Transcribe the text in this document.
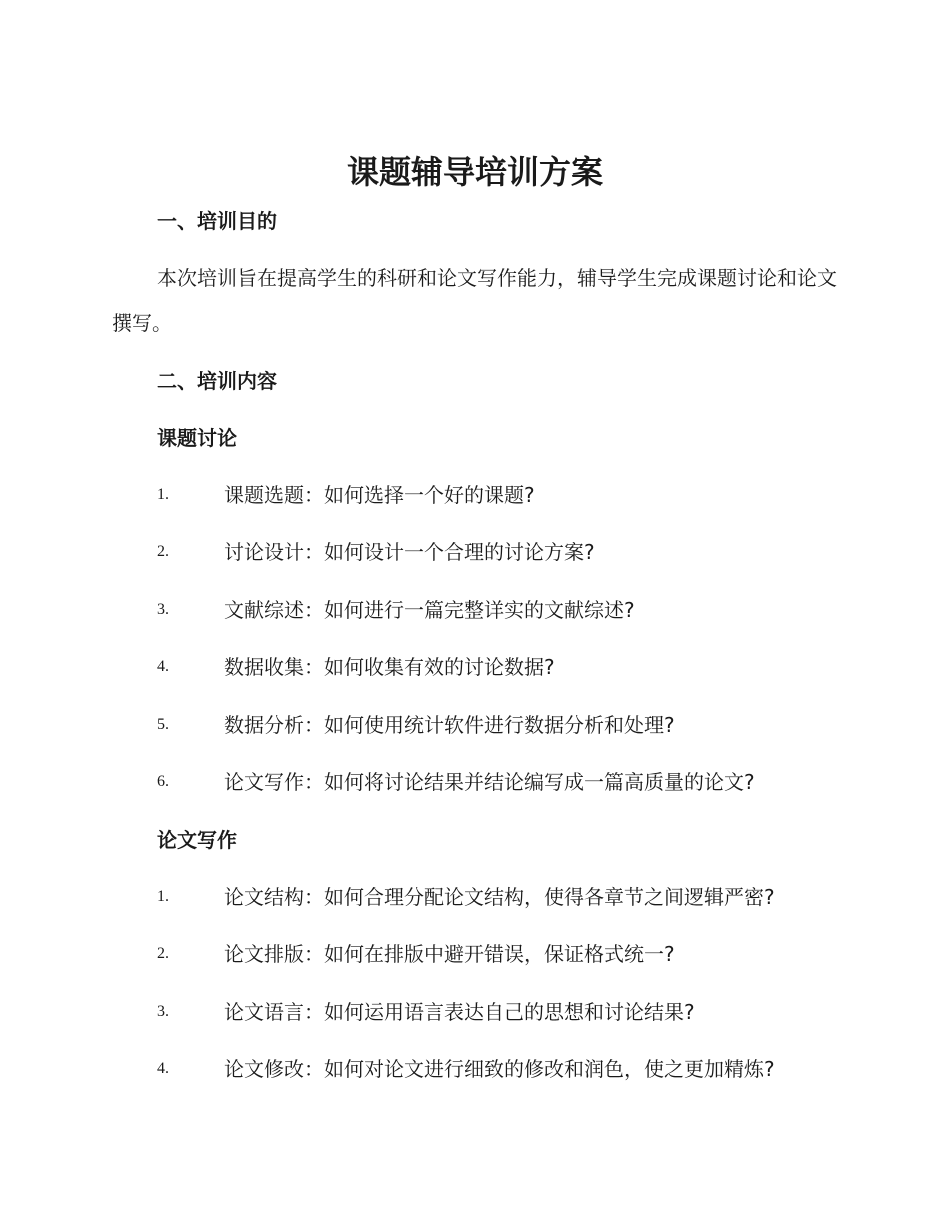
课题辅导培训方案
一、培训目的

本次培训旨在提高学生的科研和论文写作能力，辅导学生完成课题讨论和论文撰写。

二、培训内容
课题讨论
1.	课题选题：如何选择一个好的课题?
2.	讨论设计：如何设计一个合理的讨论方案?
3.	文献综述：如何进行一篇完整详实的文献综述?
4.	数据收集：如何收集有效的讨论数据?
5.	数据分析：如何使用统计软件进行数据分析和处理?
6.	论文写作：如何将讨论结果并结论编写成一篇高质量的论文?
论文写作
1.	论文结构：如何合理分配论文结构，使得各章节之间逻辑严密?
2.	论文排版：如何在排版中避开错误，保证格式统一?
3.	论文语言：如何运用语言表达自己的思想和讨论结果?
4.	论文修改：如何对论文进行细致的修改和润色，使之更加精炼?
